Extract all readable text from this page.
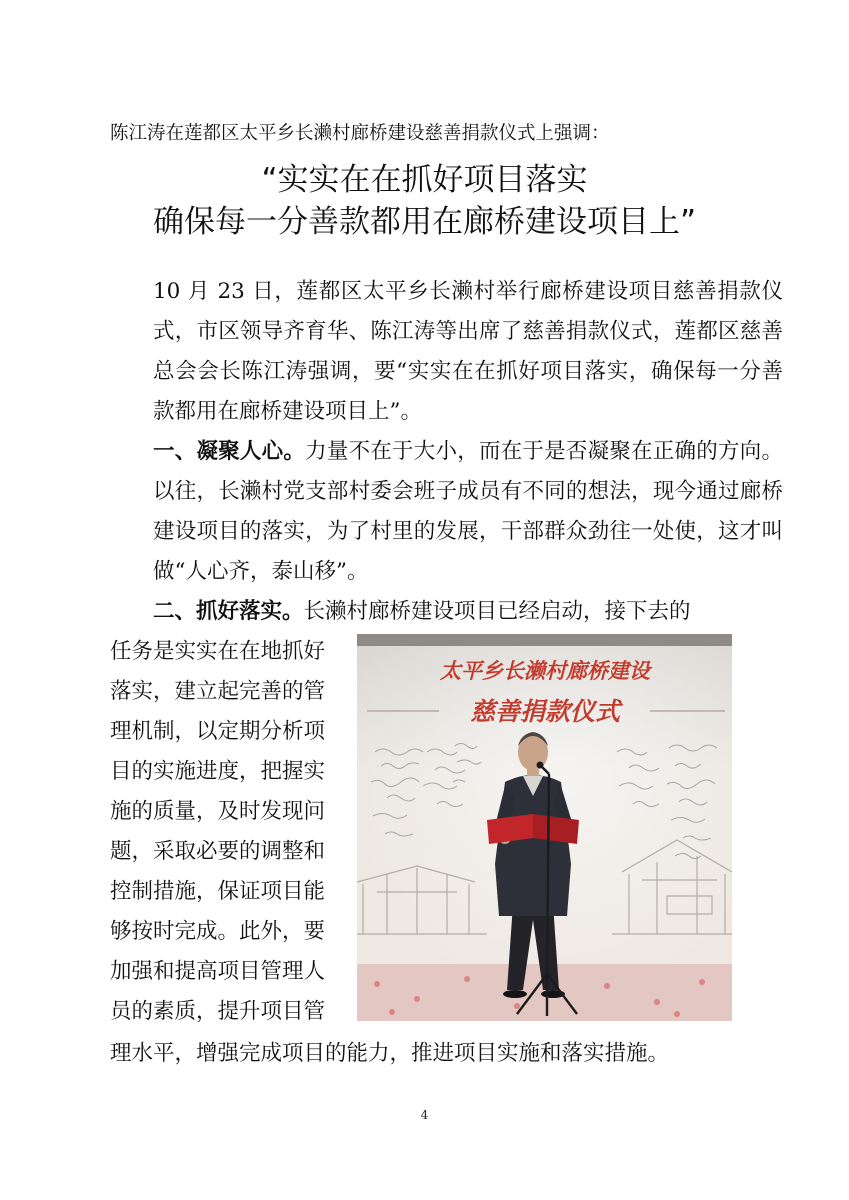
陈江涛在莲都区太平乡长濑村廊桥建设慈善捐款仪式上强调：
“实实在在抓好项目落实
确保每一分善款都用在廊桥建设项目上”
10 月 23 日，莲都区太平乡长濑村举行廊桥建设项目慈善捐款仪式，市区领导齐育华、陈江涛等出席了慈善捐款仪式，莲都区慈善总会会长陈江涛强调，要“实实在在抓好项目落实，确保每一分善款都用在廊桥建设项目上”。
一、凝聚人心。力量不在于大小，而在于是否凝聚在正确的方向。以往，长濑村党支部村委会班子成员有不同的想法，现今通过廊桥建设项目的落实，为了村里的发展，干部群众劲往一处使，这才叫做“人心齐，泰山移”。
二、抓好落实。长濑村廊桥建设项目已经启动，接下去的
任务是实实在在地抓好
落实，建立起完善的管
理机制，以定期分析项
目的实施进度，把握实
施的质量，及时发现问
题，采取必要的调整和
控制措施，保证项目能
够按时完成。此外，要
加强和提高项目管理人
员的素质，提升项目管
理水平，增强完成项目的能力，推进项目实施和落实措施。
太平乡长濑村廊桥建设
慈善捐款仪式
4
